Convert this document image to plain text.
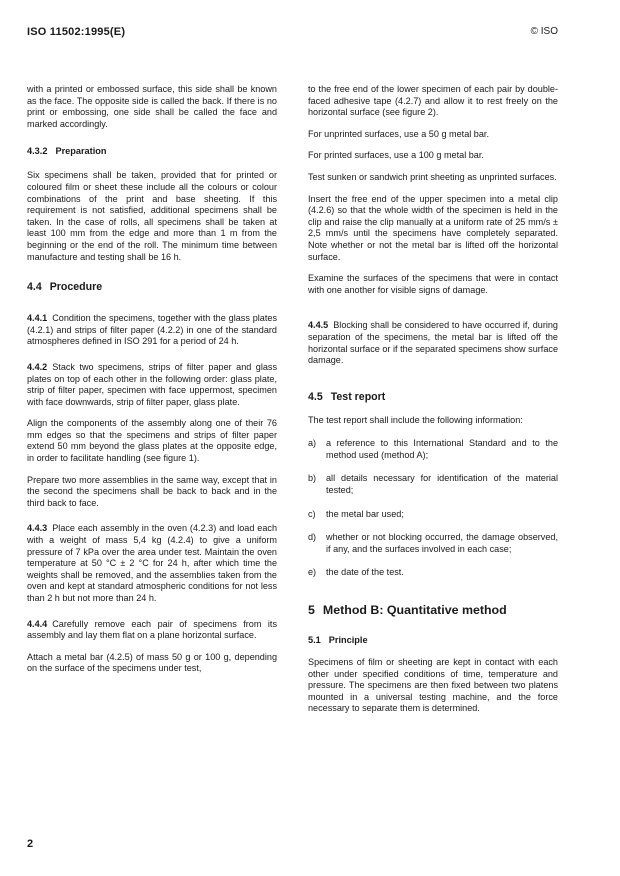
ISO 11502:1995(E)	© ISO

with a printed or embossed surface, this side shall be known as the face. The opposite side is called the back. If there is no print or embossing, one side shall be called the face and marked accordingly.

4.3.2 Preparation

Six specimens shall be taken, provided that for printed or coloured film or sheet these include all the colours or colour combinations of the print and base sheeting. If this requirement is not satisfied, additional specimens shall be taken. In the case of rolls, all specimens shall be taken at least 100 mm from the edge and more than 1 m from the beginning or the end of the roll. The minimum time between manufacture and testing shall be 16 h.

4.4 Procedure

4.4.1 Condition the specimens, together with the glass plates (4.2.1) and strips of filter paper (4.2.2) in one of the standard atmospheres defined in ISO 291 for a period of 24 h.

4.4.2 Stack two specimens, strips of filter paper and glass plates on top of each other in the following order: glass plate, strip of filter paper, specimen with face uppermost, specimen with face downwards, strip of filter paper, glass plate.

Align the components of the assembly along one of their 76 mm edges so that the specimens and strips of filter paper extend 50 mm beyond the glass plates at the opposite edge, in order to facilitate handling (see figure 1).

Prepare two more assemblies in the same way, except that in the second the specimens shall be back to back and in the third back to face.

4.4.3 Place each assembly in the oven (4.2.3) and load each with a weight of mass 5,4 kg (4.2.4) to give a uniform pressure of 7 kPa over the area under test. Maintain the oven temperature at 50 °C ± 2 °C for 24 h, after which time the weights shall be removed, and the assemblies taken from the oven and kept at standard atmospheric conditions for not less than 2 h but not more than 24 h.

4.4.4 Carefully remove each pair of specimens from its assembly and lay them flat on a plane horizontal surface.

Attach a metal bar (4.2.5) of mass 50 g or 100 g, depending on the surface of the specimens under test,

to the free end of the lower specimen of each pair by double-faced adhesive tape (4.2.7) and allow it to rest freely on the horizontal surface (see figure 2).

For unprinted surfaces, use a 50 g metal bar.

For printed surfaces, use a 100 g metal bar.

Test sunken or sandwich print sheeting as unprinted surfaces.

Insert the free end of the upper specimen into a metal clip (4.2.6) so that the whole width of the specimen is held in the clip and raise the clip manually at a uniform rate of 25 mm/s ± 2,5 mm/s until the specimens have completely separated. Note whether or not the metal bar is lifted off the horizontal surface.

Examine the surfaces of the specimens that were in contact with one another for visible signs of damage.

4.4.5 Blocking shall be considered to have occurred if, during separation of the specimens, the metal bar is lifted off the horizontal surface or if the separated specimens show surface damage.

4.5 Test report

The test report shall include the following information:

a)	a reference to this International Standard and to the method used (method A);
b)	all details necessary for identification of the material tested;
c)	the metal bar used;
d)	whether or not blocking occurred, the damage observed, if any, and the surfaces involved in each case;
e)	the date of the test.
5 Method B: Quantitative method
5.1 Principle

Specimens of film or sheeting are kept in contact with each other under specified conditions of time, temperature and pressure. The specimens are then fixed between two platens mounted in a universal testing machine, and the force necessary to separate them is determined.

2
